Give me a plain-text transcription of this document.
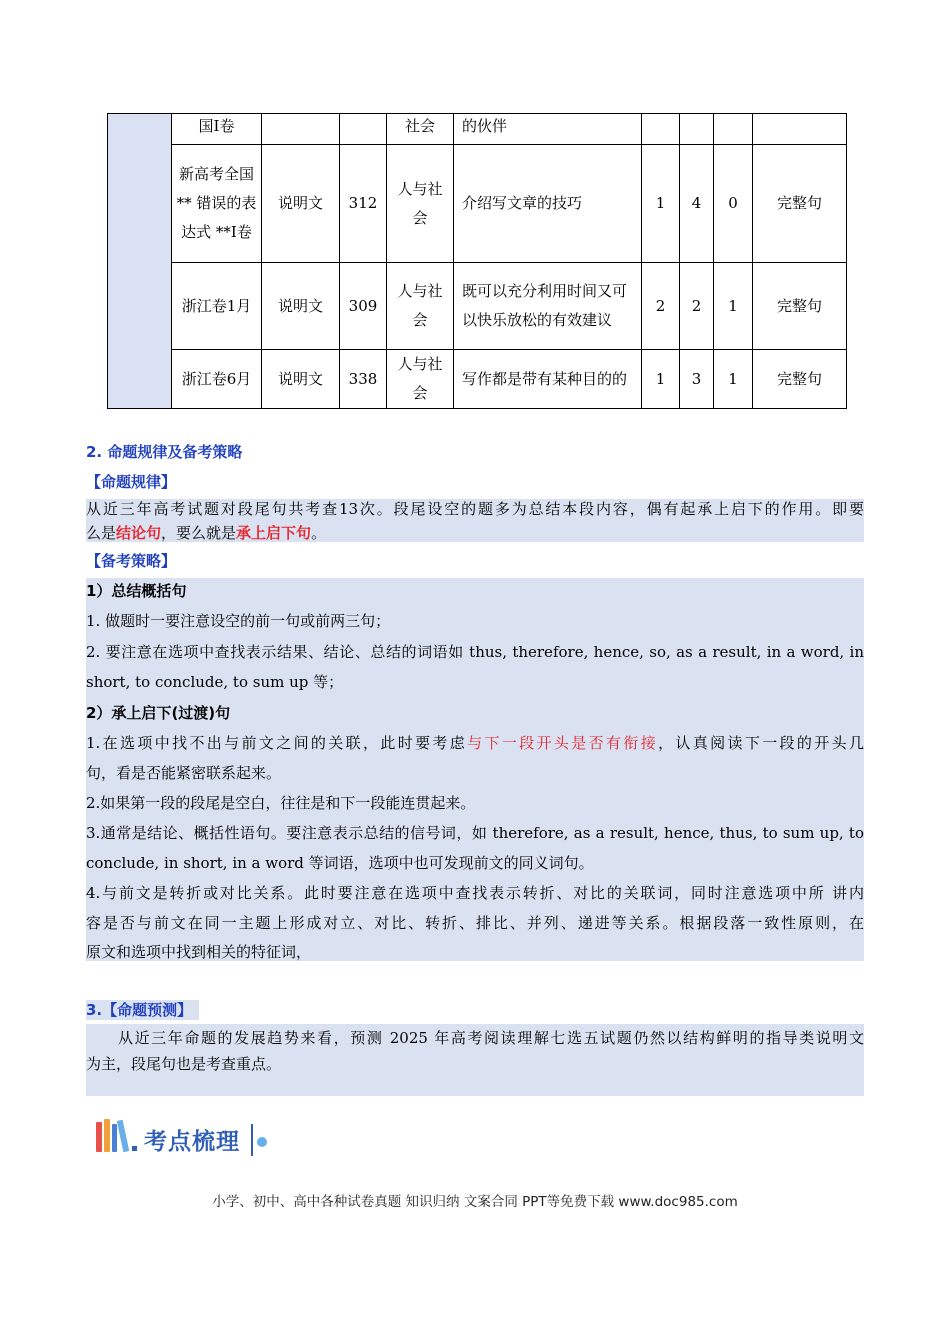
	国I卷			社会	的伙伴				
	新高考全国** 错误的表达式 **I卷	说明文	312	人与社会	介绍写文章的技巧	1	4	0	完整句
	浙江卷1月	说明文	309	人与社会	既可以充分利用时间又可以快乐放松的有效建议	2	2	1	完整句
	浙江卷6月	说明文	338	人与社会	写作都是带有某种目的的	1	3	1	完整句
2. 命题规律及备考策略
【命题规律】
从近三年高考试题对段尾句共考查13次。段尾设空的题多为总结本段内容，偶有起承上启下的作用。即要
么是结论句，要么就是承上启下句。
【备考策略】
1）总结概括句
1. 做题时一要注意设空的前一句或前两三句；
2. 要注意在选项中查找表示结果、结论、总结的词语如 thus, therefore, hence, so, as a result, in a word, in
short, to conclude, to sum up 等；
2）承上启下(过渡)句
1.在选项中找不出与前文之间的关联，此时要考虑与下一段开头是否有衔接，认真阅读下一段的开头几
句，看是否能紧密联系起来。
2.如果第一段的段尾是空白，往往是和下一段能连贯起来。
3.通常是结论、概括性语句。要注意表示总结的信号词，如 therefore, as a result, hence, thus, to sum up, to
conclude, in short, in a word 等词语，选项中也可发现前文的同义词句。
4.与前文是转折或对比关系。此时要注意在选项中查找表示转折、对比的关联词，同时注意选项中所 讲内
容是否与前文在同一主题上形成对立、对比、转折、排比、并列、递进等关系。根据段落一致性原则，在
原文和选项中找到相关的特征词，
3.【命题预测】
从近三年命题的发展趋势来看，预测 2025 年高考阅读理解七选五试题仍然以结构鲜明的指导类说明文
为主，段尾句也是考查重点。
考点梳理
小学、初中、高中各种试卷真题 知识归纳 文案合同 PPT等免费下载 www.doc985.com
